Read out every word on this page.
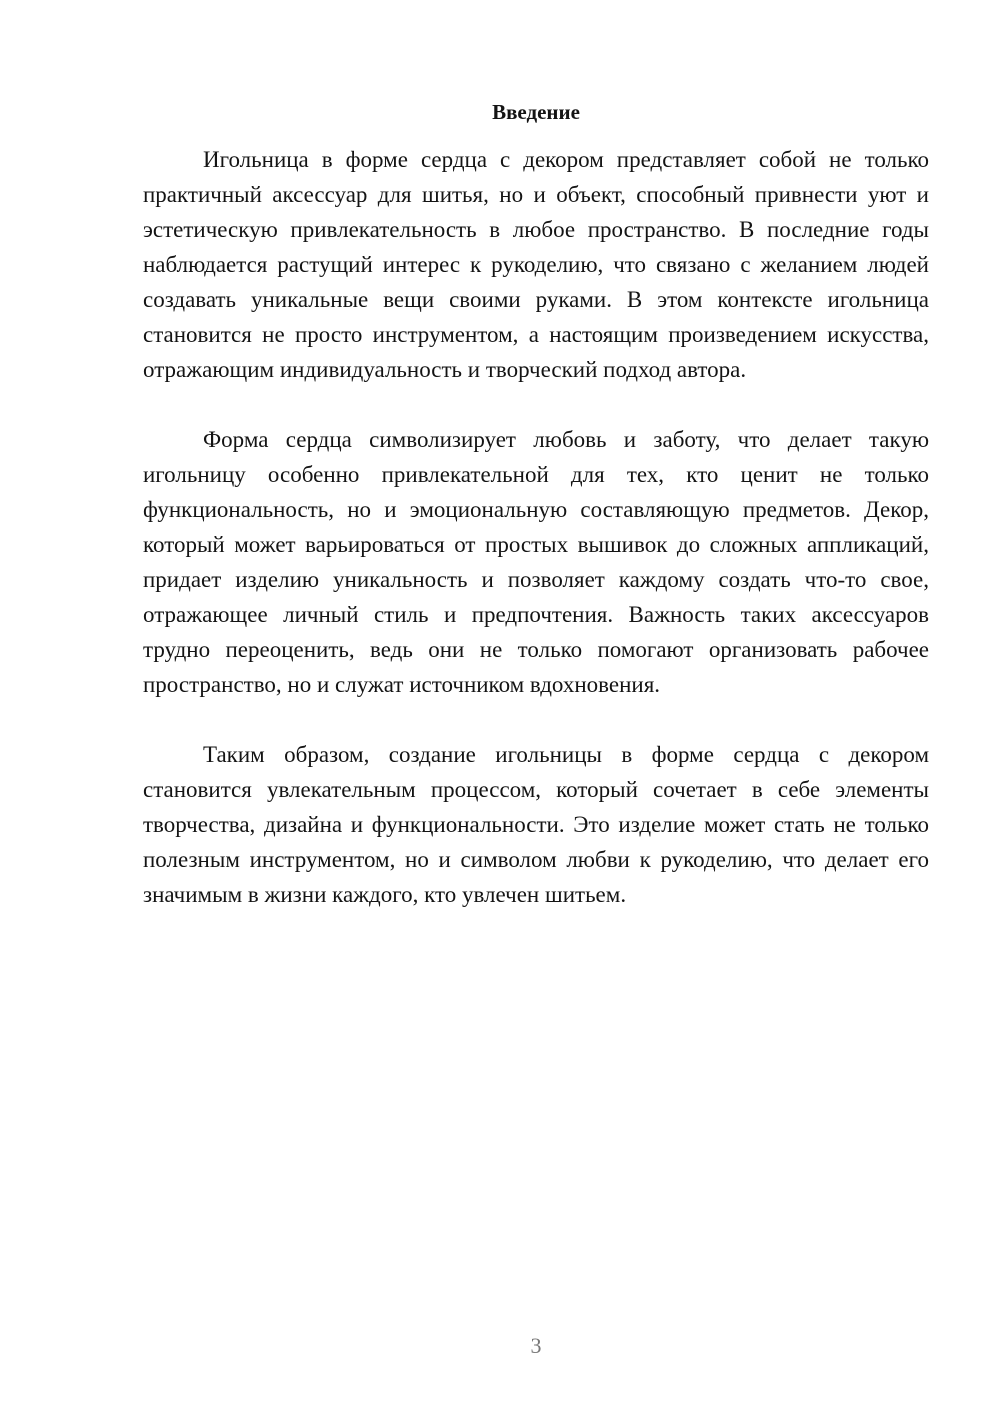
Введение

Игольница в форме сердца с декором представляет собой не только практичный аксессуар для шитья, но и объект, способный привнести уют и эстетическую привлекательность в любое пространство. В последние годы наблюдается растущий интерес к рукоделию, что связано с желанием людей создавать уникальные вещи своими руками. В этом контексте игольница становится не просто инструментом, а настоящим произведением искусства, отражающим индивидуальность и творческий подход автора.

Форма сердца символизирует любовь и заботу, что делает такую игольницу особенно привлекательной для тех, кто ценит не только функциональность, но и эмоциональную составляющую предметов. Декор, который может варьироваться от простых вышивок до сложных аппликаций, придает изделию уникальность и позволяет каждому создать что-то свое, отражающее личный стиль и предпочтения. Важность таких аксессуаров трудно переоценить, ведь они не только помогают организовать рабочее пространство, но и служат источником вдохновения.

Таким образом, создание игольницы в форме сердца с декором становится увлекательным процессом, который сочетает в себе элементы творчества, дизайна и функциональности. Это изделие может стать не только полезным инструментом, но и символом любви к рукоделию, что делает его значимым в жизни каждого, кто увлечен шитьем.

3
